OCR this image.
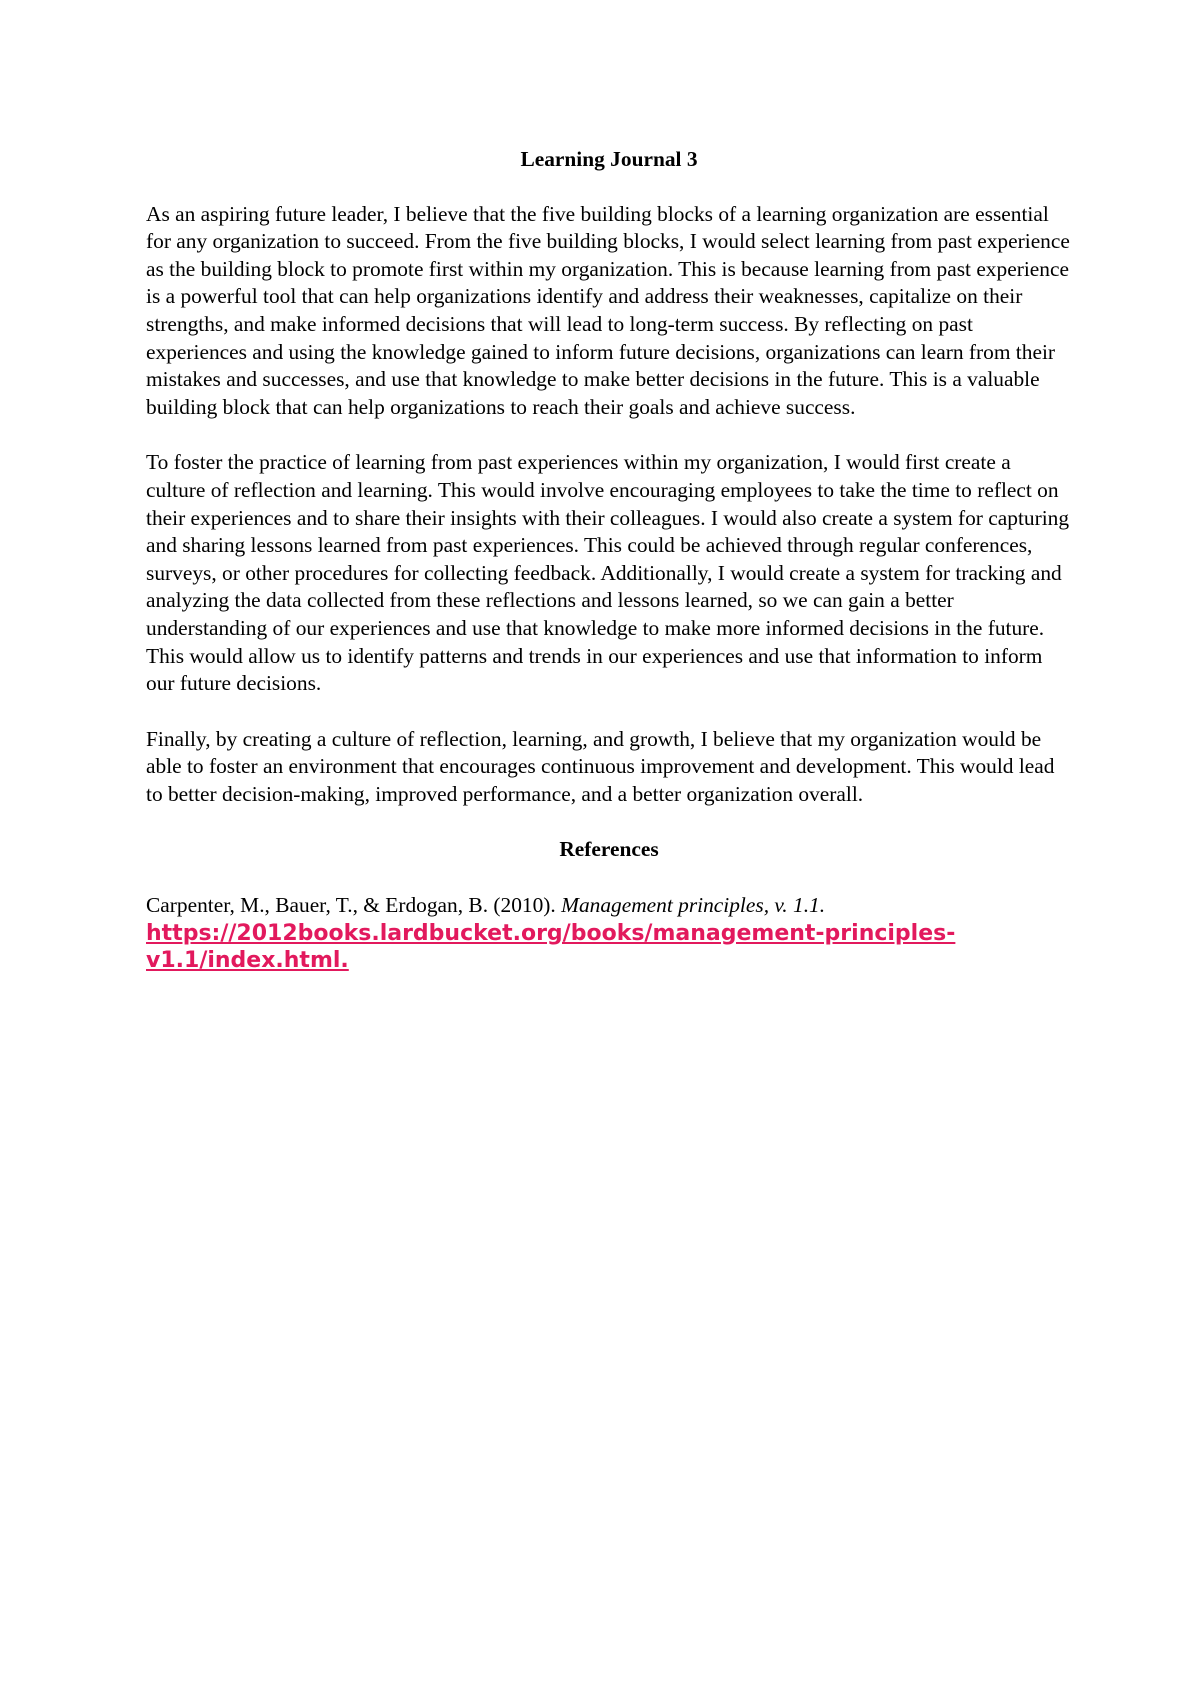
Learning Journal 3

As an aspiring future leader, I believe that the five building blocks of a learning organization are essential for any organization to succeed. From the five building blocks, I would select learning from past experience as the building block to promote first within my organization. This is because learning from past experience is a powerful tool that can help organizations identify and address their weaknesses, capitalize on their strengths, and make informed decisions that will lead to long-term success. By reflecting on past experiences and using the knowledge gained to inform future decisions, organizations can learn from their mistakes and successes, and use that knowledge to make better decisions in the future. This is a valuable building block that can help organizations to reach their goals and achieve success.

To foster the practice of learning from past experiences within my organization, I would first create a culture of reflection and learning. This would involve encouraging employees to take the time to reflect on their experiences and to share their insights with their colleagues. I would also create a system for capturing and sharing lessons learned from past experiences. This could be achieved through regular conferences, surveys, or other procedures for collecting feedback. Additionally, I would create a system for tracking and analyzing the data collected from these reflections and lessons learned, so we can gain a better understanding of our experiences and use that knowledge to make more informed decisions in the future. This would allow us to identify patterns and trends in our experiences and use that information to inform our future decisions.

Finally, by creating a culture of reflection, learning, and growth, I believe that my organization would be able to foster an environment that encourages continuous improvement and development. This would lead to better decision-making, improved performance, and a better organization overall.

References

Carpenter, M., Bauer, T., & Erdogan, B. (2010). Management principles, v. 1.1. https://2012books.lardbucket.org/books/management-principles-v1.1/index.html.
